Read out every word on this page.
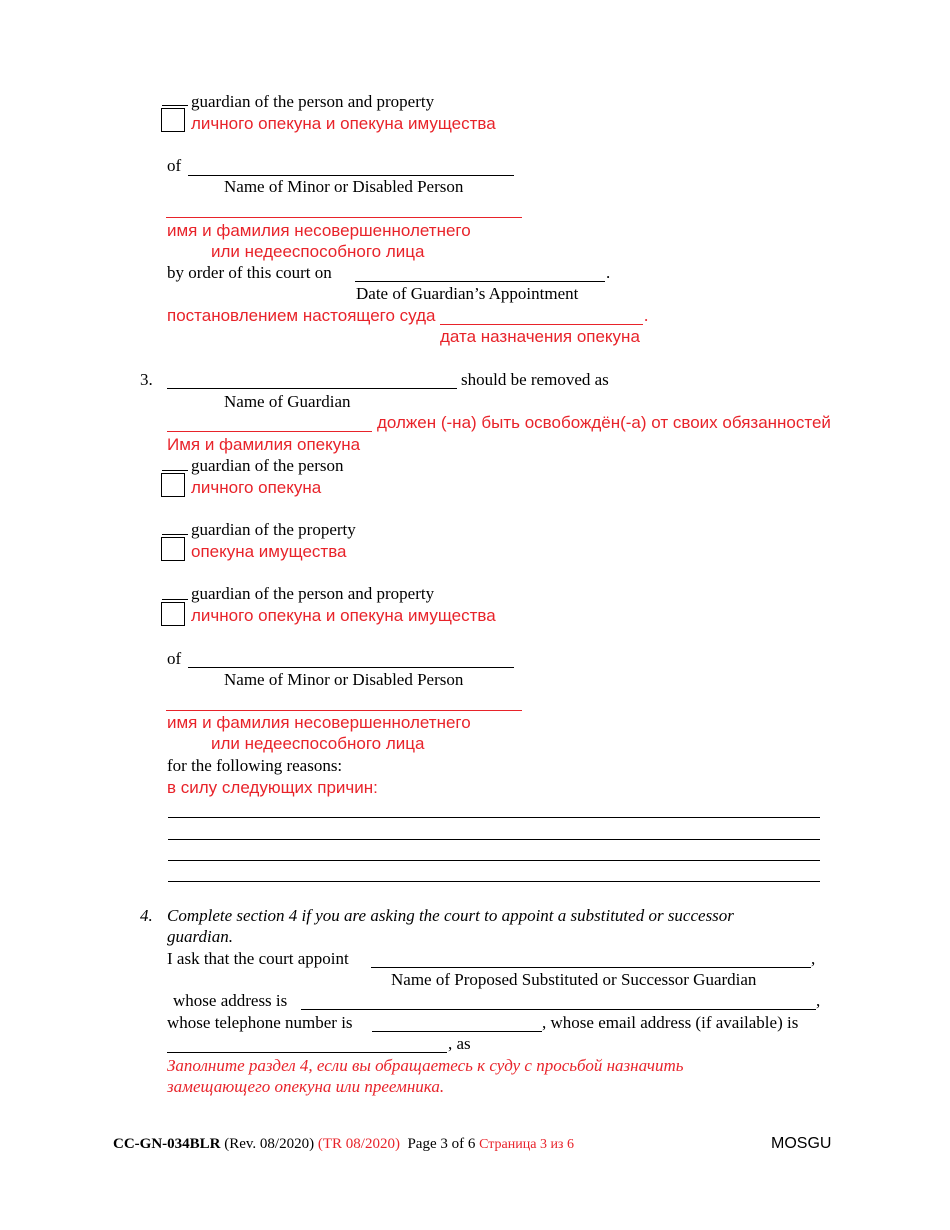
guardian of the person and property
личного опекуна и опекуна имущества
of
Name of Minor or Disabled Person
имя и фамилия несовершеннолетнего
или недееспособного лица
by order of this court on	.
Date of Guardian’s Appointment
постановлением настоящего суда	.
дата назначения опекуна
3.	should be removed as
Name of Guardian
должен (-на) быть освобождён(-а) от своих обязанностей
Имя и фамилия опекуна
guardian of the person
личного опекуна
guardian of the property
опекуна имущества
guardian of the person and property
личного опекуна и опекуна имущества
of
Name of Minor or Disabled Person
имя и фамилия несовершеннолетнего
или недееспособного лица
for the following reasons:
в силу следующих причин:
4. Complete section 4 if you are asking the court to appoint a substituted or successor
guardian.
I ask that the court appoint	,
Name of Proposed Substituted or Successor Guardian
whose address is	,
whose telephone number is	, whose email address (if available) is
, as
Заполните раздел 4, если вы обращаетесь к суду с просьбой назначить
замещающего опекуна или преемника.
CC-GN-034BLR (Rev. 08/2020) (TR 08/2020) Page 3 of 6 Страница 3 из 6	MOSGU
